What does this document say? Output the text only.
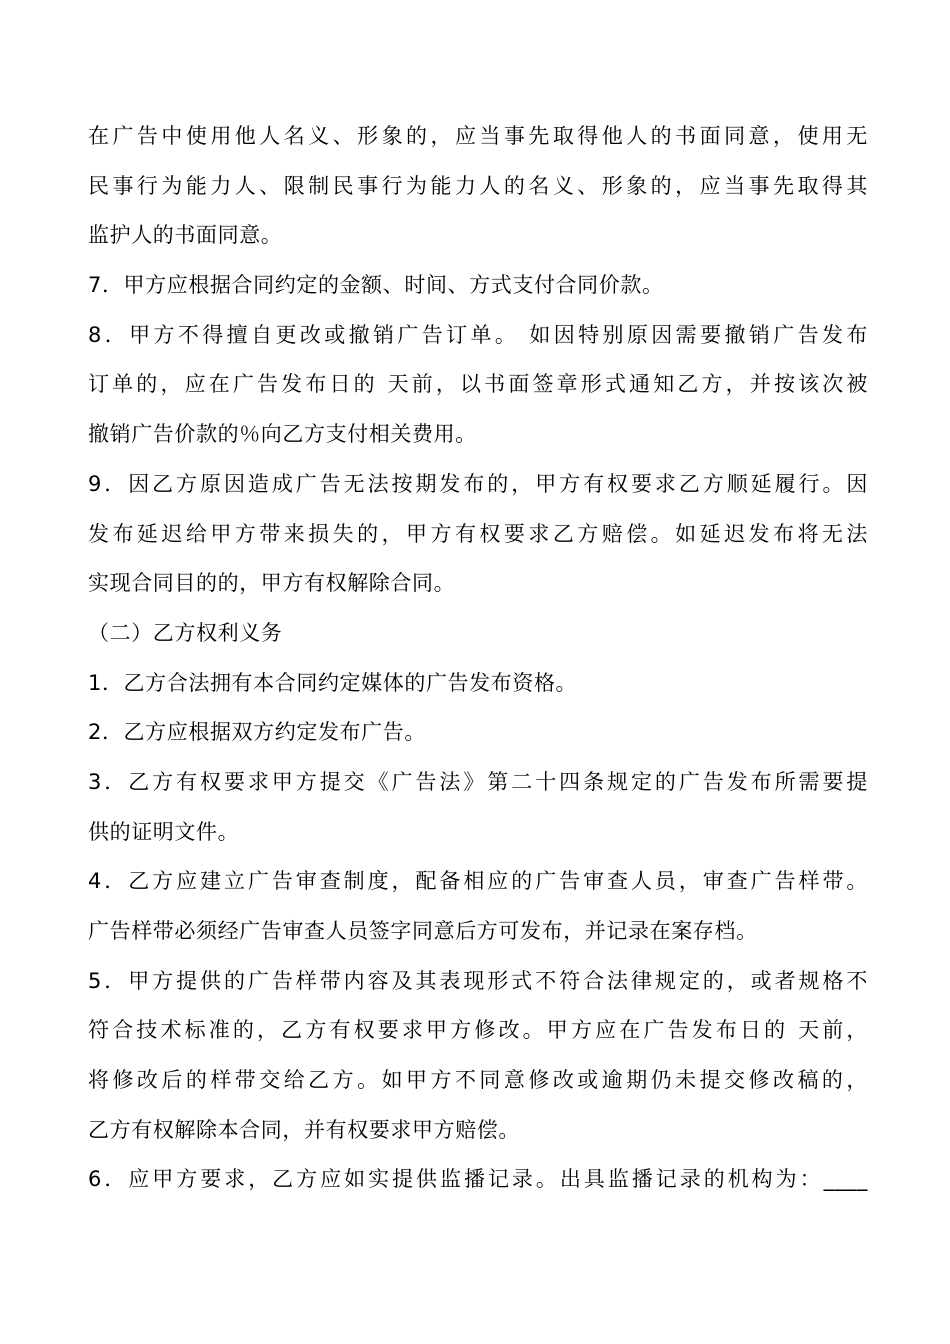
在广告中使用他人名义、形象的，应当事先取得他人的书面同意，使用无
民事行为能力人、限制民事行为能力人的名义、形象的，应当事先取得其
监护人的书面同意。
7．甲方应根据合同约定的金额、时间、方式支付合同价款。
8．甲方不得擅自更改或撤销广告订单。 如因特别原因需要撤销广告发布
订单的，应在广告发布日的 天前，以书面签章形式通知乙方，并按该次被
撤销广告价款的％向乙方支付相关费用。
9．因乙方原因造成广告无法按期发布的，甲方有权要求乙方顺延履行。因
发布延迟给甲方带来损失的，甲方有权要求乙方赔偿。如延迟发布将无法
实现合同目的的，甲方有权解除合同。
（二）乙方权利义务
1．乙方合法拥有本合同约定媒体的广告发布资格。
2．乙方应根据双方约定发布广告。
3．乙方有权要求甲方提交《广告法》第二十四条规定的广告发布所需要提
供的证明文件。
4．乙方应建立广告审查制度，配备相应的广告审查人员，审查广告样带。
广告样带必须经广告审查人员签字同意后方可发布，并记录在案存档。
5．甲方提供的广告样带内容及其表现形式不符合法律规定的，或者规格不
符合技术标准的，乙方有权要求甲方修改。甲方应在广告发布日的 天前，
将修改后的样带交给乙方。如甲方不同意修改或逾期仍未提交修改稿的，
乙方有权解除本合同，并有权要求甲方赔偿。
6．应甲方要求，乙方应如实提供监播记录。出具监播记录的机构为：____
